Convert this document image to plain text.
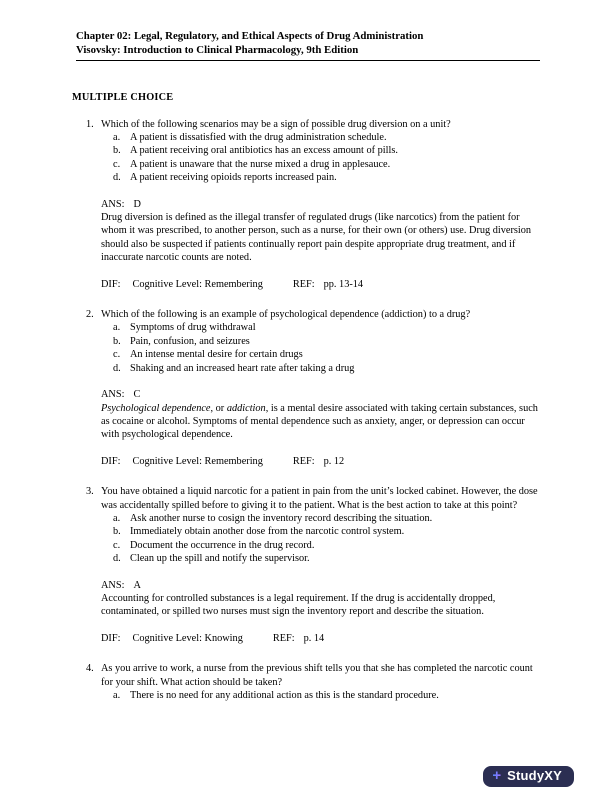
Chapter 02: Legal, Regulatory, and Ethical Aspects of Drug Administration
Visovsky: Introduction to Clinical Pharmacology, 9th Edition
MULTIPLE CHOICE
1. Which of the following scenarios may be a sign of possible drug diversion on a unit?
a. A patient is dissatisfied with the drug administration schedule.
b. A patient receiving oral antibiotics has an excess amount of pills.
c. A patient is unaware that the nurse mixed a drug in applesauce.
d. A patient receiving opioids reports increased pain.
ANS: D
Drug diversion is defined as the illegal transfer of regulated drugs (like narcotics) from the patient for whom it was prescribed, to another person, such as a nurse, for their own (or others) use. Drug diversion should also be suspected if patients continually report pain despite appropriate drug treatment, and if inaccurate narcotic counts are noted.
DIF: Cognitive Level: Remembering	REF: pp. 13-14
2. Which of the following is an example of psychological dependence (addiction) to a drug?
a. Symptoms of drug withdrawal
b. Pain, confusion, and seizures
c. An intense mental desire for certain drugs
d. Shaking and an increased heart rate after taking a drug
ANS: C
Psychological dependence, or addiction, is a mental desire associated with taking certain substances, such as cocaine or alcohol. Symptoms of mental dependence such as anxiety, anger, or depression can occur with psychological dependence.
DIF: Cognitive Level: Remembering	REF: p. 12
3. You have obtained a liquid narcotic for a patient in pain from the unit’s locked cabinet. However, the dose was accidentally spilled before to giving it to the patient. What is the best action to take at this point?
a. Ask another nurse to cosign the inventory record describing the situation.
b. Immediately obtain another dose from the narcotic control system.
c. Document the occurrence in the drug record.
d. Clean up the spill and notify the supervisor.
ANS: A
Accounting for controlled substances is a legal requirement. If the drug is accidentally dropped, contaminated, or spilled two nurses must sign the inventory report and describe the situation.
DIF: Cognitive Level: Knowing	REF: p. 14
4. As you arrive to work, a nurse from the previous shift tells you that she has completed the narcotic count for your shift. What action should be taken?
a. There is no need for any additional action as this is the standard procedure.
+ StudyXY
